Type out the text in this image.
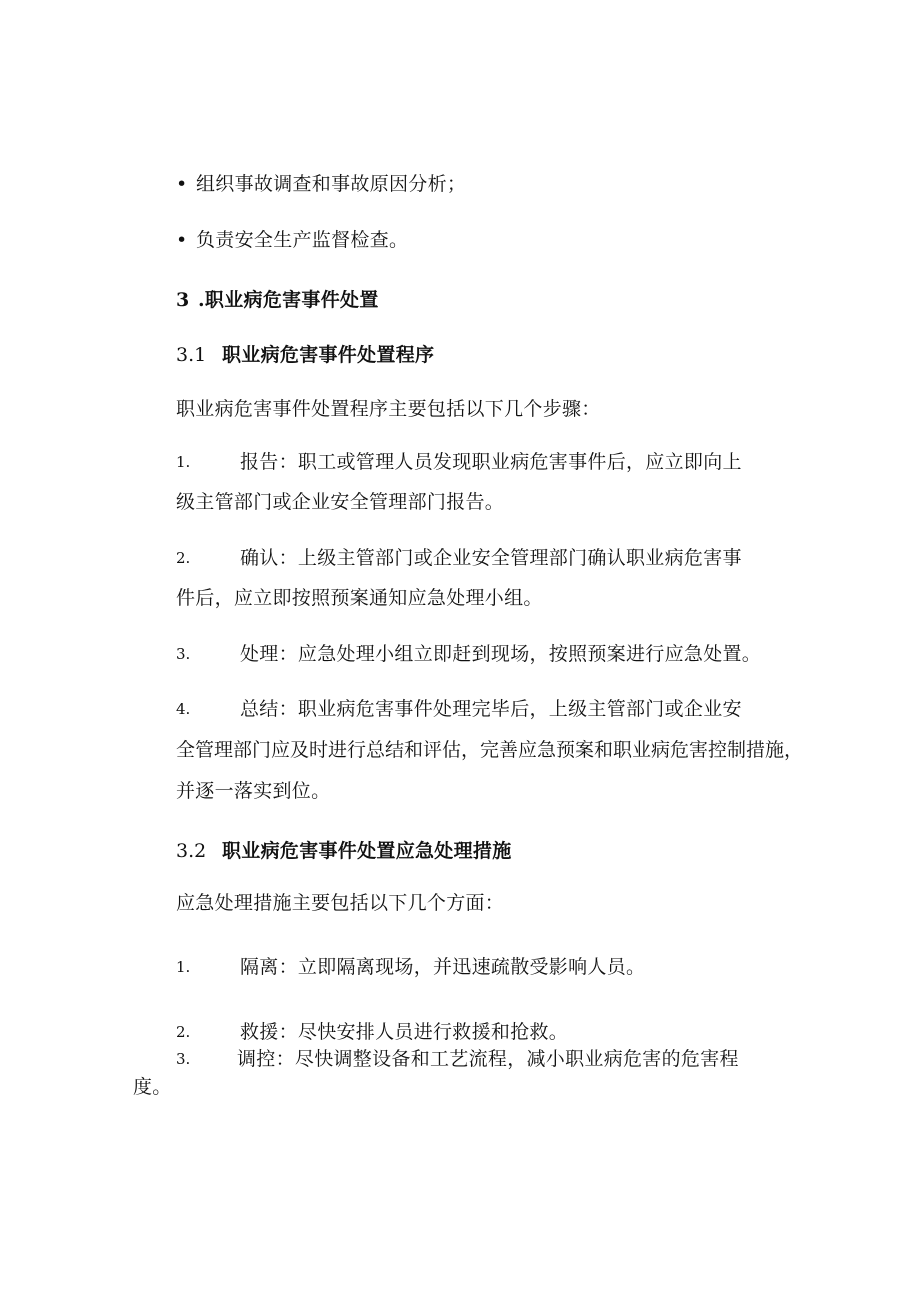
• 组织事故调查和事故原因分析；
• 负责安全生产监督检查。
3 .职业病危害事件处置
3.1 职业病危害事件处置程序
职业病危害事件处置程序主要包括以下几个步骤：
1.	报告：职工或管理人员发现职业病危害事件后，应立即向上
级主管部门或企业安全管理部门报告。
2.	确认：上级主管部门或企业安全管理部门确认职业病危害事
件后，应立即按照预案通知应急处理小组。
3.	处理：应急处理小组立即赶到现场，按照预案进行应急处置。
4.	总结：职业病危害事件处理完毕后，上级主管部门或企业安
全管理部门应及时进行总结和评估，完善应急预案和职业病危害控制措施，
并逐一落实到位。
3.2 职业病危害事件处置应急处理措施
应急处理措施主要包括以下几个方面：
1.	隔离：立即隔离现场，并迅速疏散受影响人员。
2.	救援：尽快安排人员进行救援和抢救。
3. 调控：尽快调整设备和工艺流程，减小职业病危害的危害程
度。
